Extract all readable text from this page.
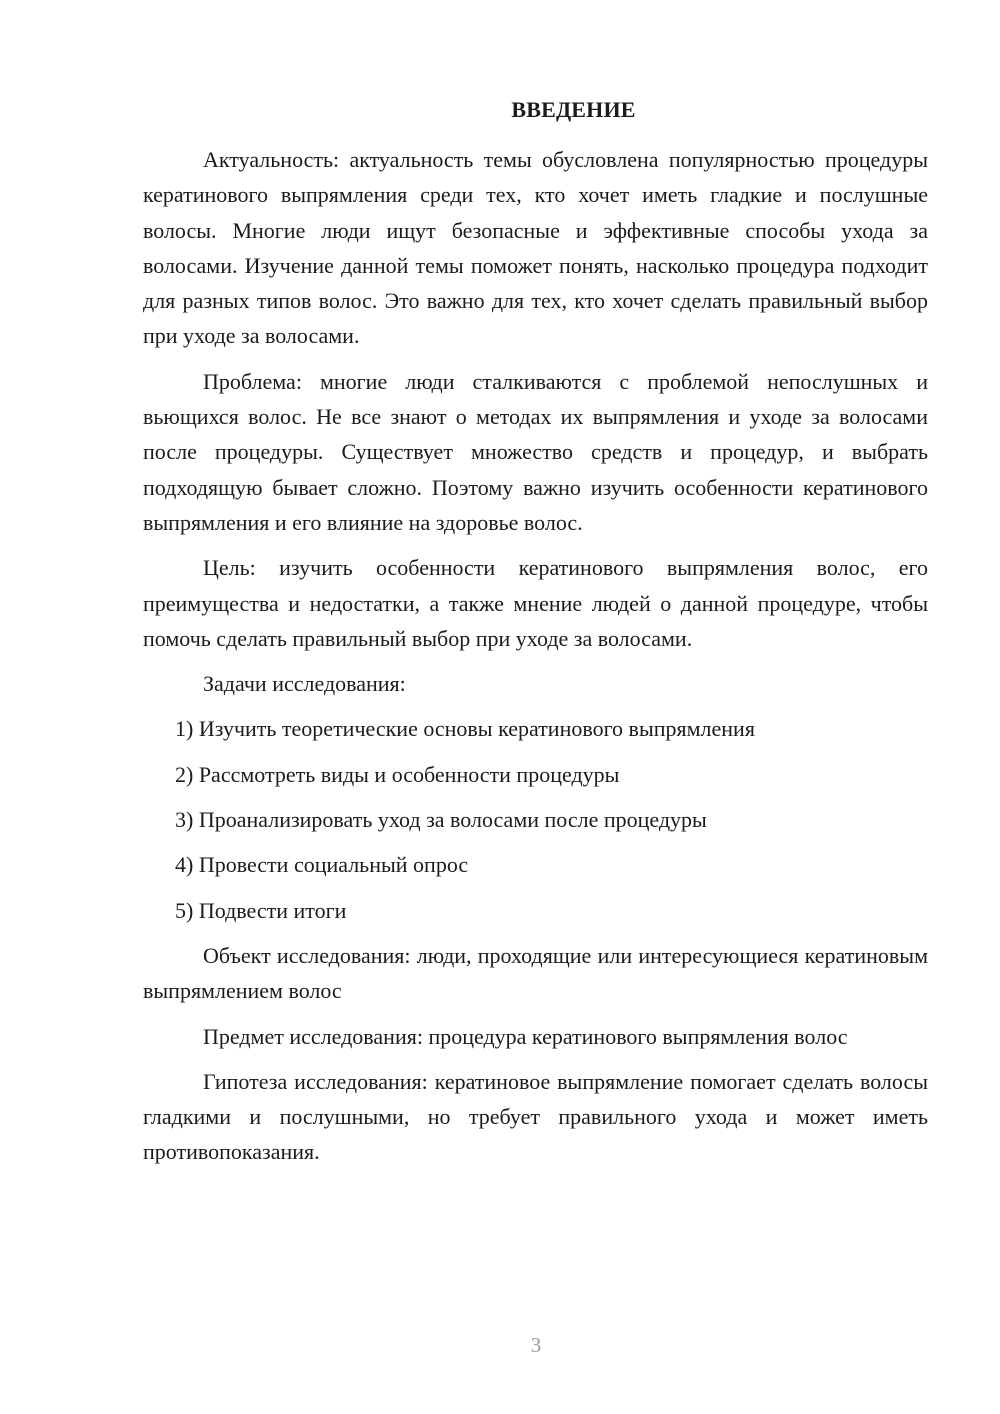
ВВЕДЕНИЕ

Актуальность: актуальность темы обусловлена популярностью процедуры кератинового выпрямления среди тех, кто хочет иметь гладкие и послушные волосы. Многие люди ищут безопасные и эффективные способы ухода за волосами. Изучение данной темы поможет понять, насколько процедура подходит для разных типов волос. Это важно для тех, кто хочет сделать правильный выбор при уходе за волосами.

Проблема: многие люди сталкиваются с проблемой непослушных и вьющихся волос. Не все знают о методах их выпрямления и уходе за волосами после процедуры. Существует множество средств и процедур, и выбрать подходящую бывает сложно. Поэтому важно изучить особенности кератинового выпрямления и его влияние на здоровье волос.

Цель: изучить особенности кератинового выпрямления волос, его преимущества и недостатки, а также мнение людей о данной процедуре, чтобы помочь сделать правильный выбор при уходе за волосами.

Задачи исследования:

1) Изучить теоретические основы кератинового выпрямления
2) Рассмотреть виды и особенности процедуры
3) Проанализировать уход за волосами после процедуры
4) Провести социальный опрос
5) Подвести итоги

Объект исследования: люди, проходящие или интересующиеся кератиновым выпрямлением волос

Предмет исследования: процедура кератинового выпрямления волос

Гипотеза исследования: кератиновое выпрямление помогает сделать волосы гладкими и послушными, но требует правильного ухода и может иметь противопоказания.

3
